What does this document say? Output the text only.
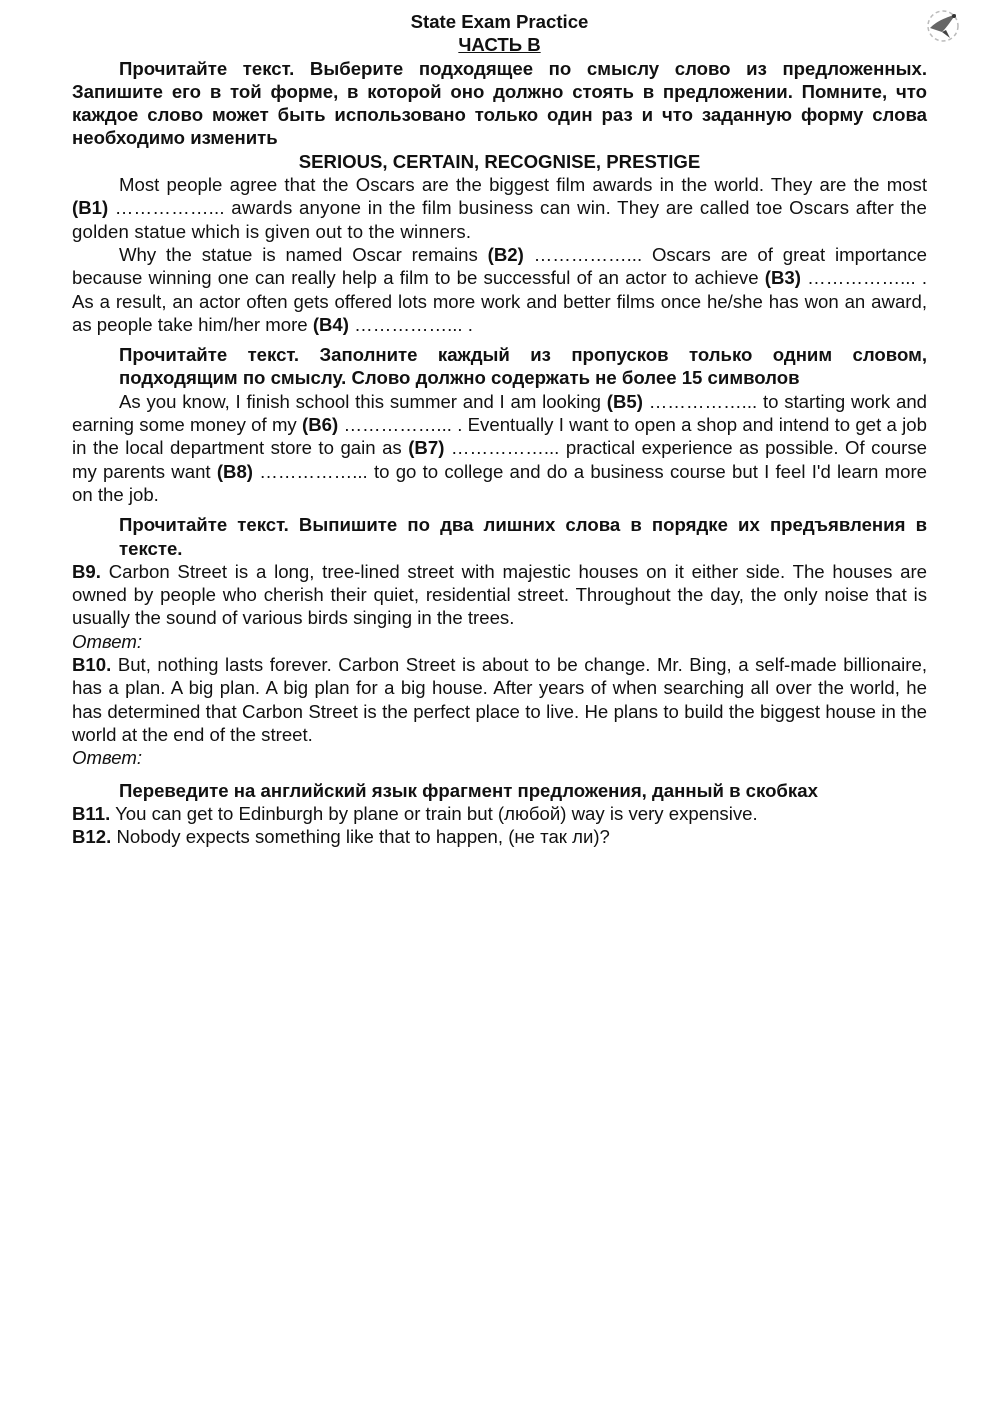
State Exam Practice
ЧАСТЬ В

Прочитайте текст. Выберите подходящее по смыслу слово из предложенных. Запишите его в той форме, в которой оно должно стоять в предложении. Помните, что каждое слово может быть использовано только один раз и что заданную форму слова необходимо изменить

SERIOUS, CERTAIN, RECOGNISE, PRESTIGE

Most people agree that the Oscars are the biggest film awards in the world. They are the most (B1) ……………... awards anyone in the film business can win. They are called toe Oscars after the golden statue which is given out to the winners.

Why the statue is named Oscar remains (B2) ……………... Oscars are of great importance because winning one can really help a film to be successful of an actor to achieve (B3) ……………... . As a result, an actor often gets offered lots more work and better films once he/she has won an award, as people take him/her more (B4) ……………... .

Прочитайте текст. Заполните каждый из пропусков только одним словом, подходящим по смыслу. Слово должно содержать не более 15 символов

As you know, I finish school this summer and I am looking (B5) ……………... to starting work and earning some money of my (B6) ……………... . Eventually I want to open a shop and intend to get a job in the local department store to gain as (B7) ……………... practical experience as possible. Of course my parents want (B8) ……………... to go to college and do a business course but I feel I'd learn more on the job.

Прочитайте текст. Выпишите по два лишних слова в порядке их предъявления в тексте.

B9. Carbon Street is a long, tree-lined street with majestic houses on it either side. The houses are owned by people who cherish their quiet, residential street. Throughout the day, the only noise that is usually the sound of various birds singing in the trees.

Ответ:

B10. But, nothing lasts forever. Carbon Street is about to be change. Mr. Bing, a self-made billionaire, has a plan. A big plan. A big plan for a big house. After years of when searching all over the world, he has determined that Carbon Street is the perfect place to live. He plans to build the biggest house in the world at the end of the street.

Ответ:

Переведите на английский язык фрагмент предложения, данный в скобках

B11. You can get to Edinburgh by plane or train but (любой) way is very expensive.

B12. Nobody expects something like that to happen, (не так ли)?
